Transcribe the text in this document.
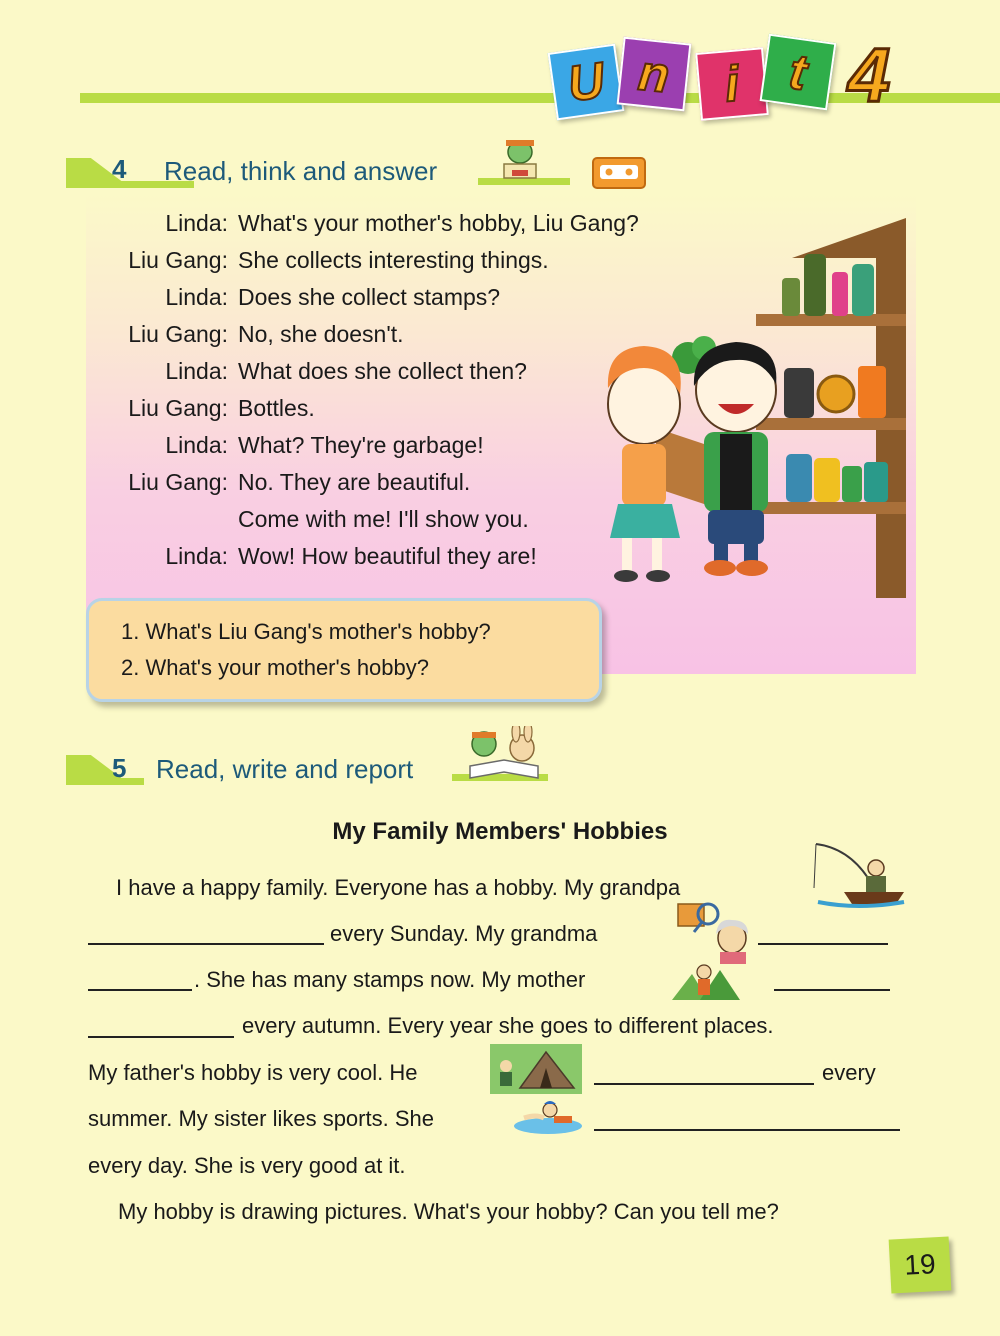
U n i t 4
4 Read, think and answer
Linda: What's your mother's hobby, Liu Gang?
Liu Gang: She collects interesting things.
Linda: Does she collect stamps?
Liu Gang: No, she doesn't.
Linda: What does she collect then?
Liu Gang: Bottles.
Linda: What? They're garbage!
Liu Gang: No. They are beautiful.
Come with me! I'll show you.
Linda: Wow! How beautiful they are!
1. What's Liu Gang's mother's hobby?
2. What's your mother's hobby?
5 Read, write and report
My Family Members' Hobbies
I have a happy family. Everyone has a hobby. My grandpa
every Sunday. My grandma
. She has many stamps now. My mother
every autumn. Every year she goes to different places.
My father's hobby is very cool. He	every
summer. My sister likes sports. She
every day. She is very good at it.
My hobby is drawing pictures. What's your hobby? Can you tell me?
19
